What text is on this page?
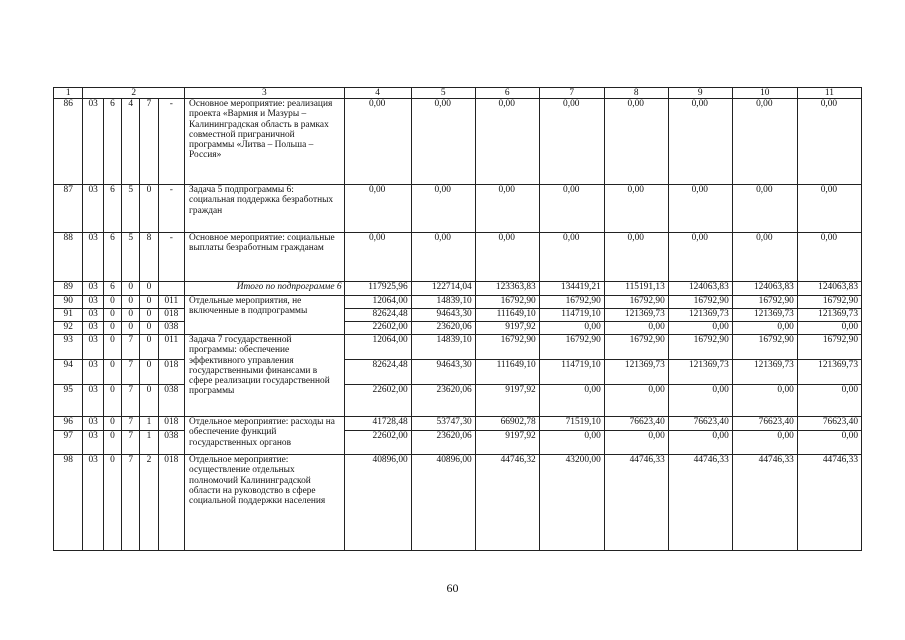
1	2					3	4	5	6	7	8	9	10	11
86	03	6	4	7	-	Основное мероприятие: реализация проекта «Вармия и Мазуры – Калининградская область в рамках совместной приграничной программы «Литва – Польша – Россия»	0,00	0,00	0,00	0,00	0,00	0,00	0,00	0,00
87	03	6	5	0	-	Задача 5 подпрограммы 6: социальная поддержка безработных граждан	0,00	0,00	0,00	0,00	0,00	0,00	0,00	0,00
88	03	6	5	8	-	Основное мероприятие: социальные выплаты безработным гражданам	0,00	0,00	0,00	0,00	0,00	0,00	0,00	0,00
89	03	6	0	0		Итого по подпрограмме 6	117925,96	122714,04	123363,83	134419,21	115191,13	124063,83	124063,83	124063,83
90	03	0	0	0	011	Отдельные мероприятия, не включенные в подпрограммы	12064,00	14839,10	16792,90	16792,90	16792,90	16792,90	16792,90	16792,90
91	03	0	0	0	018		82624,48	94643,30	111649,10	114719,10	121369,73	121369,73	121369,73	121369,73
92	03	0	0	0	038		22602,00	23620,06	9197,92	0,00	0,00	0,00	0,00	0,00
93	03	0	7	0	011	Задача 7 государственной программы: обеспечение эффективного управления государственными финансами в сфере реализации государственной программы	12064,00	14839,10	16792,90	16792,90	16792,90	16792,90	16792,90	16792,90
94	03	0	7	0	018		82624,48	94643,30	111649,10	114719,10	121369,73	121369,73	121369,73	121369,73
95	03	0	7	0	038		22602,00	23620,06	9197,92	0,00	0,00	0,00	0,00	0,00
96	03	0	7	1	018	Отдельное мероприятие: расходы на обеспечение функций государственных органов	41728,48	53747,30	66902,78	71519,10	76623,40	76623,40	76623,40	76623,40
97	03	0	7	1	038		22602,00	23620,06	9197,92	0,00	0,00	0,00	0,00	0,00
98	03	0	7	2	018	Отдельное мероприятие: осуществление отдельных полномочий Калининградской области на руководство в сфере социальной поддержки населения	40896,00	40896,00	44746,32	43200,00	44746,33	44746,33	44746,33	44746,33
60
